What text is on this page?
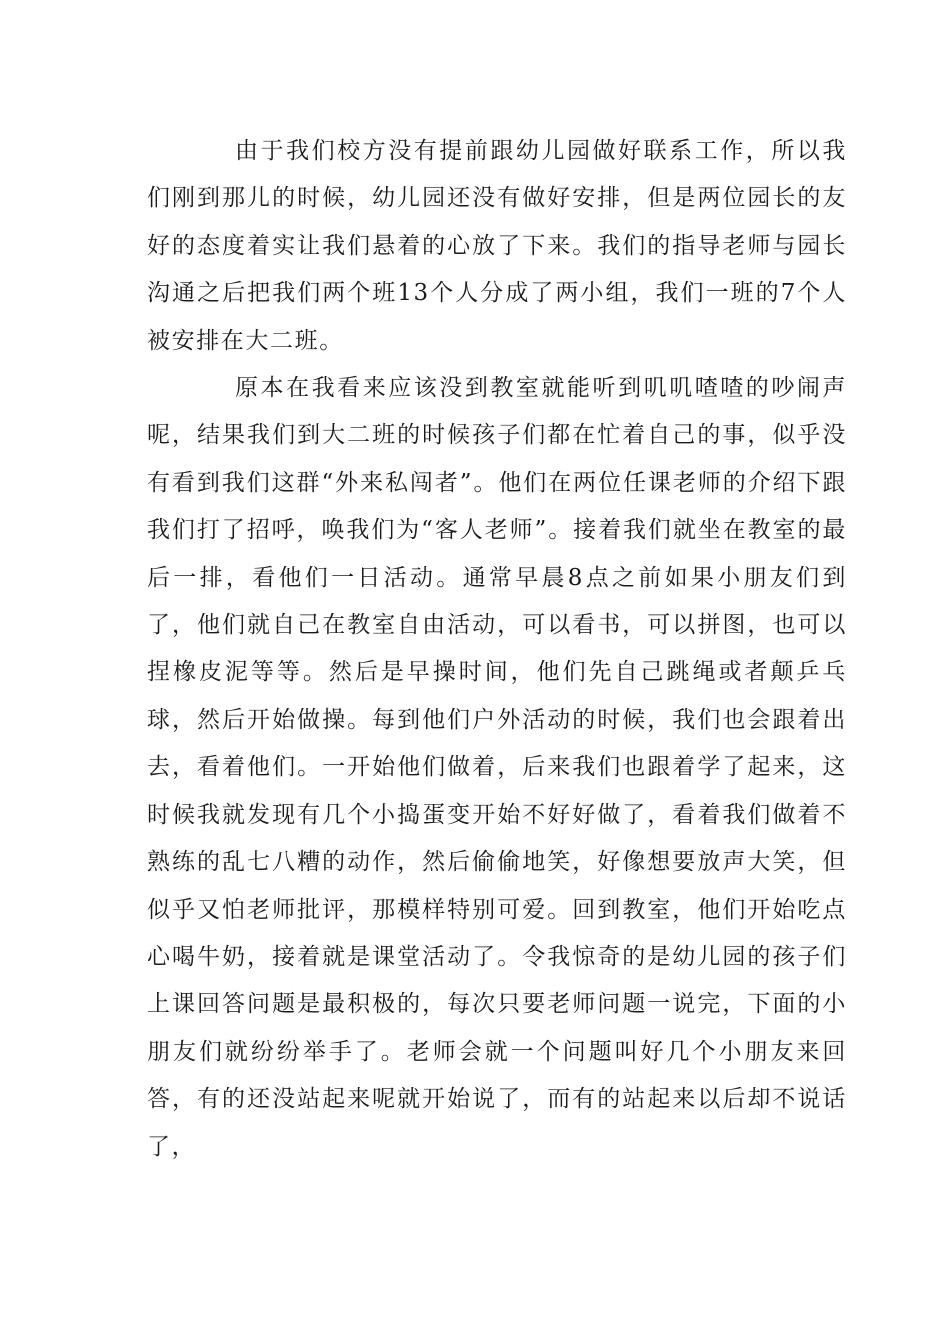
由于我们校方没有提前跟幼儿园做好联系工作，所以我们刚到那儿的时候，幼儿园还没有做好安排，但是两位园长的友好的态度着实让我们悬着的心放了下来。我们的指导老师与园长沟通之后把我们两个班13个人分成了两小组，我们一班的7个人被安排在大二班。

原本在我看来应该没到教室就能听到叽叽喳喳的吵闹声呢，结果我们到大二班的时候孩子们都在忙着自己的事，似乎没有看到我们这群“外来私闯者”。他们在两位任课老师的介绍下跟我们打了招呼，唤我们为“客人老师”。接着我们就坐在教室的最后一排，看他们一日活动。通常早晨8点之前如果小朋友们到了，他们就自己在教室自由活动，可以看书，可以拼图，也可以捏橡皮泥等等。然后是早操时间，他们先自己跳绳或者颠乒乓球，然后开始做操。每到他们户外活动的时候，我们也会跟着出去，看着他们。一开始他们做着，后来我们也跟着学了起来，这时候我就发现有几个小捣蛋变开始不好好做了，看着我们做着不熟练的乱七八糟的动作，然后偷偷地笑，好像想要放声大笑，但似乎又怕老师批评，那模样特别可爱。回到教室，他们开始吃点心喝牛奶，接着就是课堂活动了。令我惊奇的是幼儿园的孩子们上课回答问题是最积极的，每次只要老师问题一说完，下面的小朋友们就纷纷举手了。老师会就一个问题叫好几个小朋友来回答，有的还没站起来呢就开始说了，而有的站起来以后却不说话了，
